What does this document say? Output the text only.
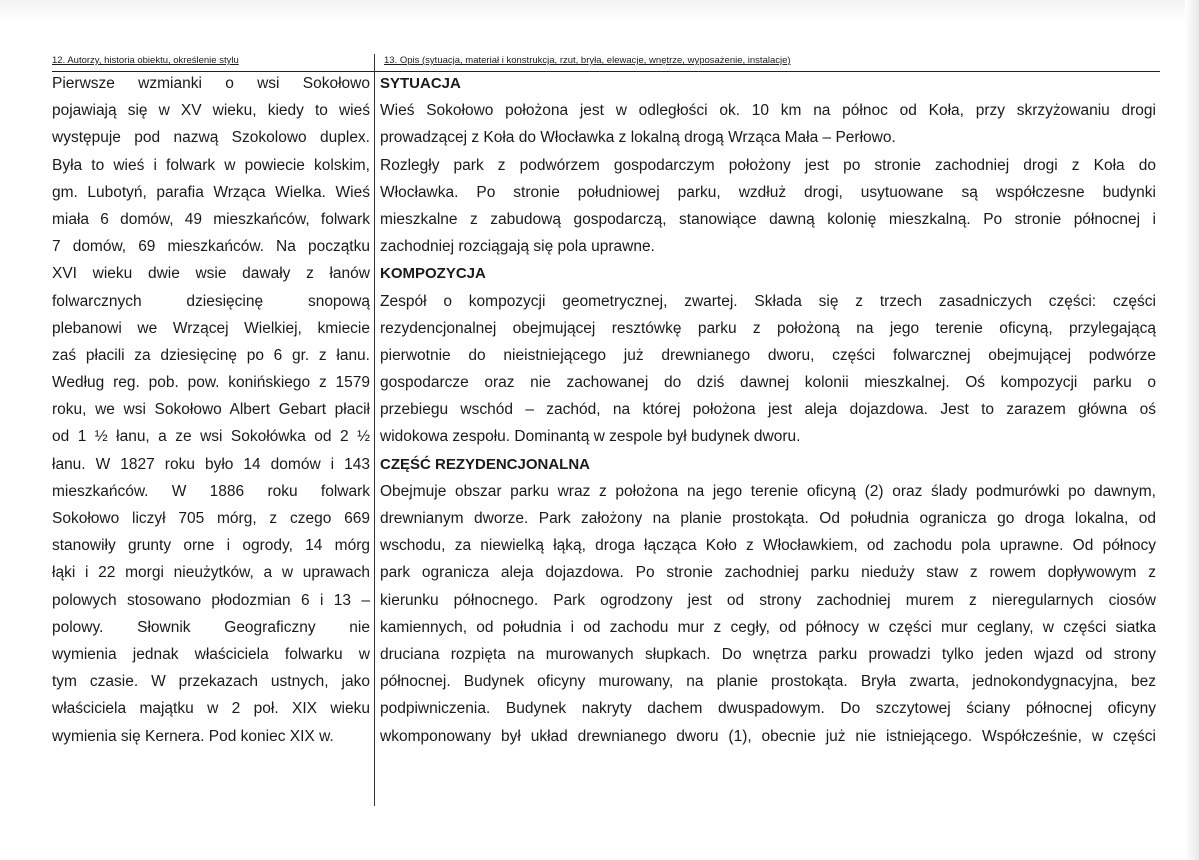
12. Autorzy, historia obiektu, określenie stylu	13. Opis (sytuacja, materiał i konstrukcja, rzut, bryła, elewacje, wnętrze, wyposażenie, instalacje)
Pierwsze wzmianki o wsi Sokołowo
pojawiają się w XV wieku, kiedy to wieś
występuje pod nazwą Szokolowo duplex.
Była to wieś i folwark w powiecie kolskim,
gm. Lubotyń, parafia Wrząca Wielka. Wieś
miała 6 domów, 49 mieszkańców, folwark
7 domów, 69 mieszkańców. Na początku
XVI wieku dwie wsie dawały z łanów
folwarcznych dziesięcinę snopową
plebanowi we Wrzącej Wielkiej, kmiecie
zaś płacili za dziesięcinę po 6 gr. z łanu.
Według reg. pob. pow. konińskiego z 1579
roku, we wsi Sokołowo Albert Gebart płacił
od 1 ½ łanu, a ze wsi Sokołówka od 2 ½
łanu. W 1827 roku było 14 domów i 143
mieszkańców. W 1886 roku folwark
Sokołowo liczył 705 mórg, z czego 669
stanowiły grunty orne i ogrody, 14 mórg
łąki i 22 morgi nieużytków, a w uprawach
polowych stosowano płodozmian 6 i 13 –
polowy. Słownik Geograficzny nie
wymienia jednak właściciela folwarku w
tym czasie. W przekazach ustnych, jako
właściciela majątku w 2 poł. XIX wieku
wymienia się Kernera. Pod koniec XIX w.
SYTUACJA
Wieś Sokołowo położona jest w odległości ok. 10 km na północ od Koła, przy skrzyżowaniu drogi
prowadzącej z Koła do Włocławka z lokalną drogą Wrząca Mała – Perłowo.
Rozległy park z podwórzem gospodarczym położony jest po stronie zachodniej drogi z Koła do
Włocławka. Po stronie południowej parku, wzdłuż drogi, usytuowane są współczesne budynki
mieszkalne z zabudową gospodarczą, stanowiące dawną kolonię mieszkalną. Po stronie północnej i
zachodniej rozciągają się pola uprawne.
KOMPOZYCJA
Zespół o kompozycji geometrycznej, zwartej. Składa się z trzech zasadniczych części: części
rezydencjonalnej obejmującej resztówkę parku z położoną na jego terenie oficyną, przylegającą
pierwotnie do nieistniejącego już drewnianego dworu, części folwarcznej obejmującej podwórze
gospodarcze oraz nie zachowanej do dziś dawnej kolonii mieszkalnej. Oś kompozycji parku o
przebiegu wschód – zachód, na której położona jest aleja dojazdowa. Jest to zarazem główna oś
widokowa zespołu. Dominantą w zespole był budynek dworu.
CZĘŚĆ REZYDENCJONALNA
Obejmuje obszar parku wraz z położona na jego terenie oficyną (2) oraz ślady podmurówki po dawnym,
drewnianym dworze. Park założony na planie prostokąta. Od południa ogranicza go droga lokalna, od
wschodu, za niewielką łąką, droga łącząca Koło z Włocławkiem, od zachodu pola uprawne. Od północy
park ogranicza aleja dojazdowa. Po stronie zachodniej parku nieduży staw z rowem dopływowym z
kierunku północnego. Park ogrodzony jest od strony zachodniej murem z nieregularnych ciosów
kamiennych, od południa i od zachodu mur z cegły, od północy w części mur ceglany, w części siatka
druciana rozpięta na murowanych słupkach. Do wnętrza parku prowadzi tylko jeden wjazd od strony
północnej. Budynek oficyny murowany, na planie prostokąta. Bryła zwarta, jednokondygnacyjna, bez
podpiwniczenia. Budynek nakryty dachem dwuspadowym. Do szczytowej ściany północnej oficyny
wkomponowany był układ drewnianego dworu (1), obecnie już nie istniejącego. Współcześnie, w części
